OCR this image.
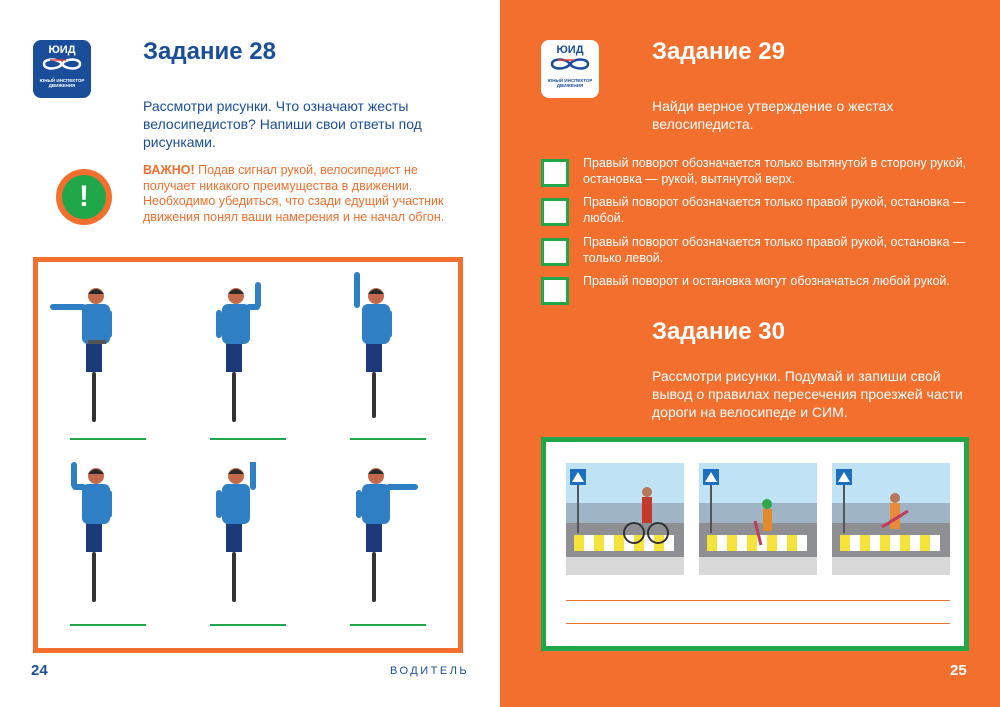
ЮИД
ЮНЫЙ ИНСПЕКТОР ДВИЖЕНИЯ
Задание 28
Рассмотри рисунки. Что означают жесты велосипедистов? Напиши свои ответы под рисунками.
!
ВАЖНО! Подав сигнал рукой, велосипедист не получает никакого преимущества в движении. Необходимо убедиться, что сзади едущий участник движения понял ваши намерения и не начал обгон.
24	ВОДИТЕЛЬ
ЮИД
ЮНЫЙ ИНСПЕКТОР ДВИЖЕНИЯ
Задание 29
Найди верное утверждение о жестах велосипедиста.
Правый поворот обозначается только вытянутой в сторону рукой, остановка — рукой, вытянутой верх.
Правый поворот обозначается только правой рукой, остановка — любой.
Правый поворот обозначается только правой рукой, остановка — только левой.
Правый поворот и остановка могут обозначаться любой рукой.
Задание 30
Рассмотри рисунки. Подумай и запиши свой вывод о правилах пересечения проезжей части дороги на велосипеде и СИМ.
25
